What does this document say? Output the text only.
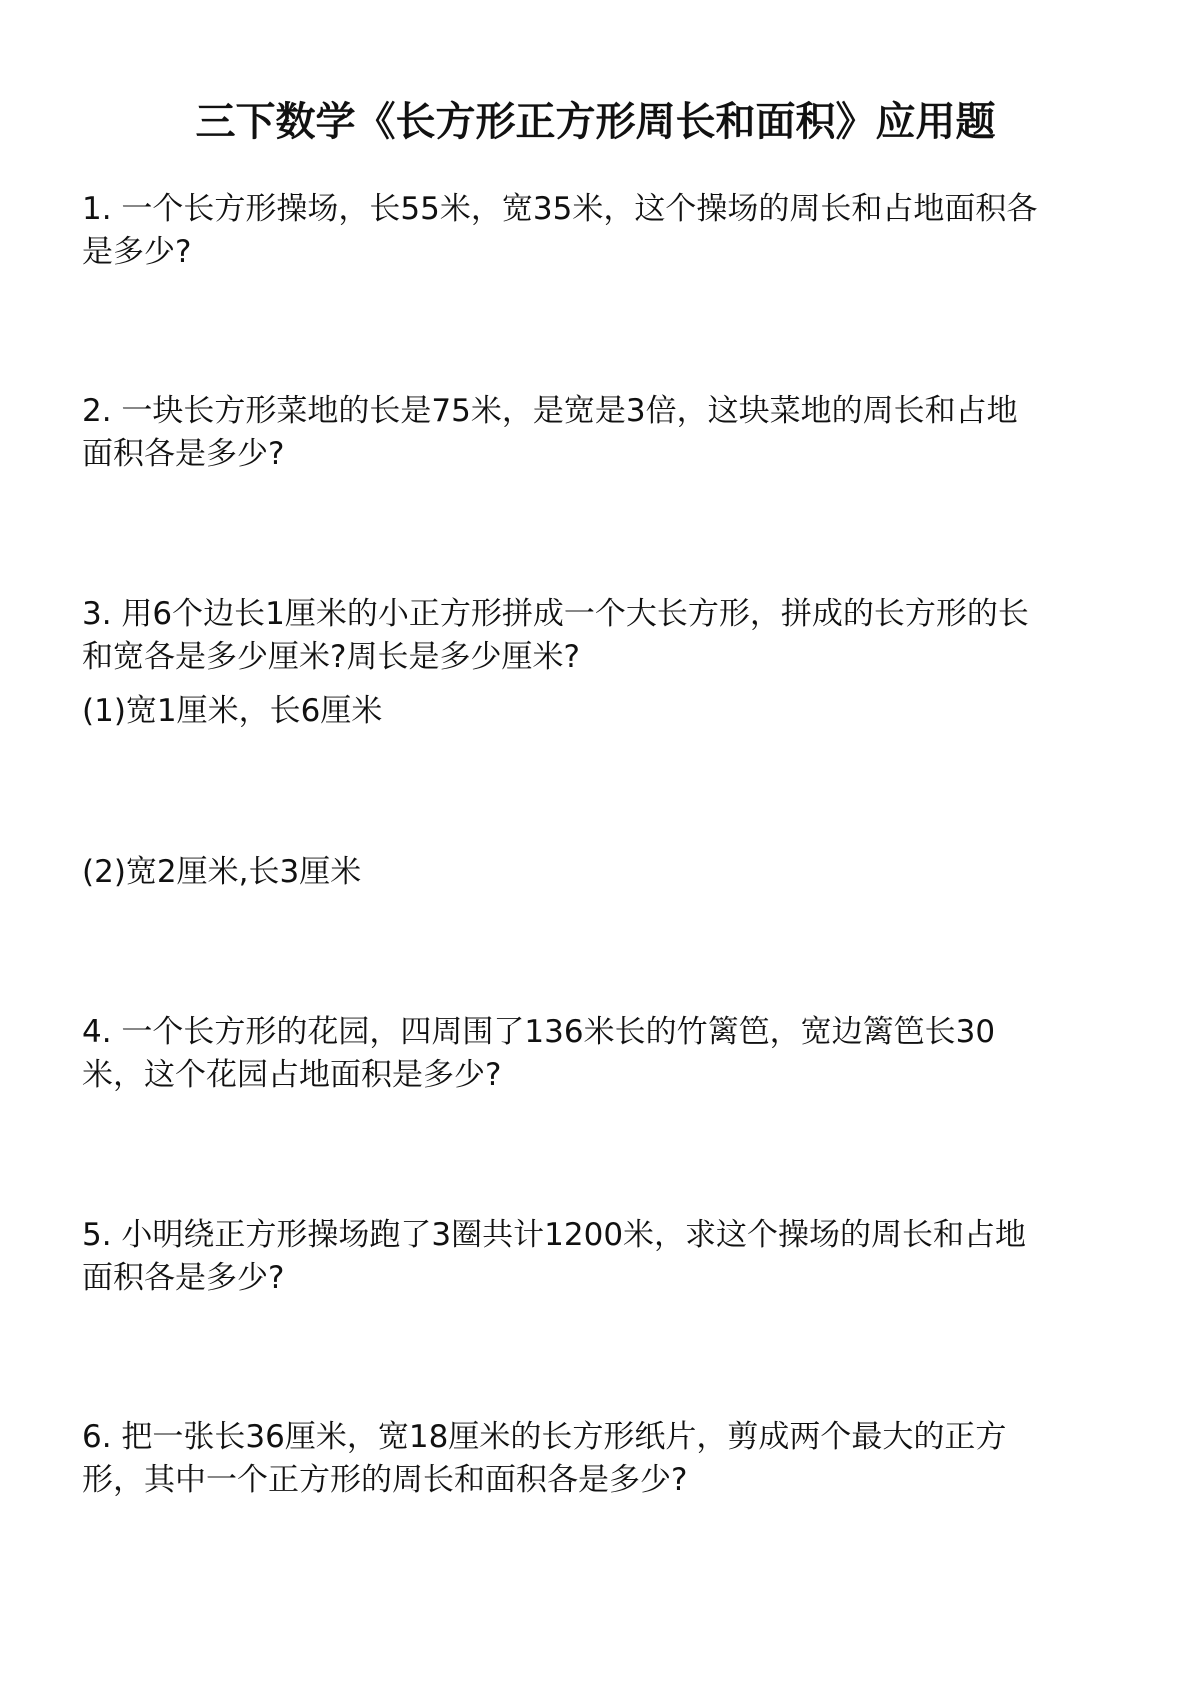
三下数学《长方形正方形周长和面积》应用题
1. 一个长方形操场，长55米，宽35米，这个操场的周长和占地面积各
是多少?
2. 一块长方形菜地的长是75米，是宽是3倍，这块菜地的周长和占地
面积各是多少?
3. 用6个边长1厘米的小正方形拼成一个大长方形，拼成的长方形的长
和宽各是多少厘米?周长是多少厘米?
(1)宽1厘米，长6厘米
(2)宽2厘米,长3厘米
4. 一个长方形的花园，四周围了136米长的竹篱笆，宽边篱笆长30
米，这个花园占地面积是多少?
5. 小明绕正方形操场跑了3圈共计1200米，求这个操场的周长和占地
面积各是多少?
6. 把一张长36厘米，宽18厘米的长方形纸片，剪成两个最大的正方
形，其中一个正方形的周长和面积各是多少?
